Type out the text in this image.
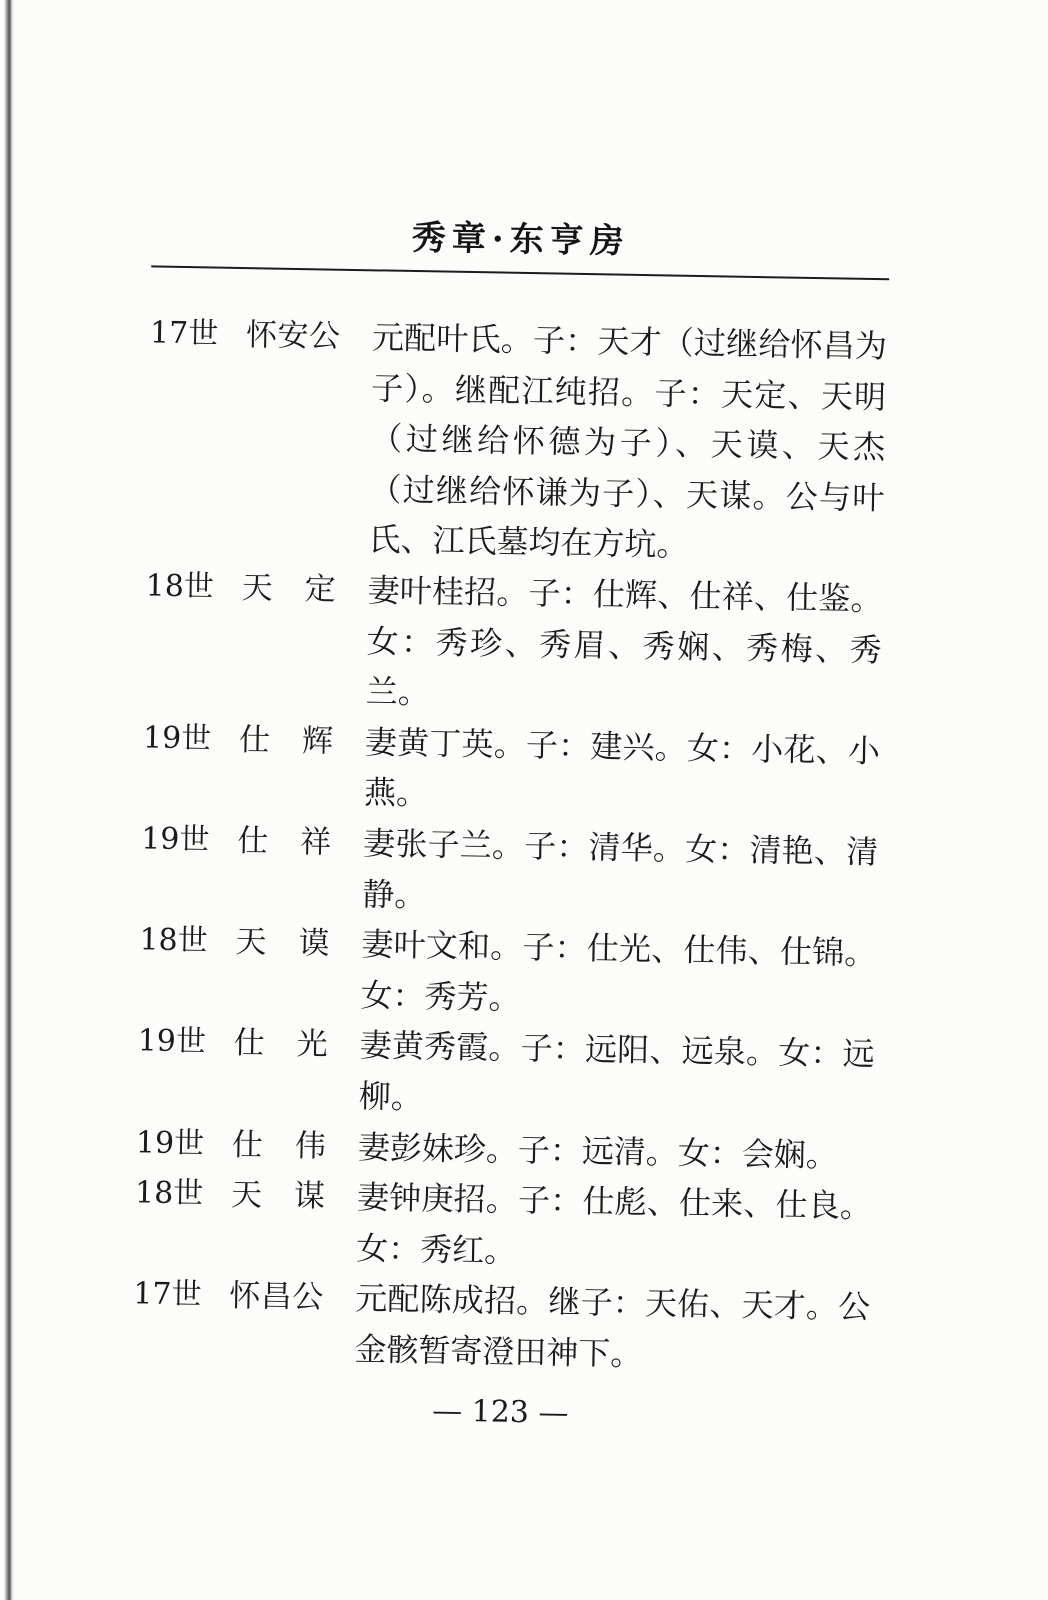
秀章·东亨房
17世 怀安公 元配叶氏。子：天才（过继给怀昌为
子）。继配江纯招。子：天定、天明
（过继给怀德为子）、天谟、天杰
（过继给怀谦为子）、天谋。公与叶
氏、江氏墓均在方坑。
18世 天定 妻叶桂招。子：仕辉、仕祥、仕鉴。
女：秀珍、秀眉、秀娴、秀梅、秀
兰。
19世 仕辉 妻黄丁英。子：建兴。女：小花、小
燕。
19世 仕祥 妻张子兰。子：清华。女：清艳、清
静。
18世 天谟 妻叶文和。子：仕光、仕伟、仕锦。
女：秀芳。
19世 仕光 妻黄秀霞。子：远阳、远泉。女：远
柳。
19世 仕伟 妻彭妹珍。子：远清。女：会娴。
18世 天谋 妻钟庚招。子：仕彪、仕来、仕良。
女：秀红。
17世 怀昌公 元配陈成招。继子：天佑、天才。公
金骸暂寄澄田神下。
— 123 —
